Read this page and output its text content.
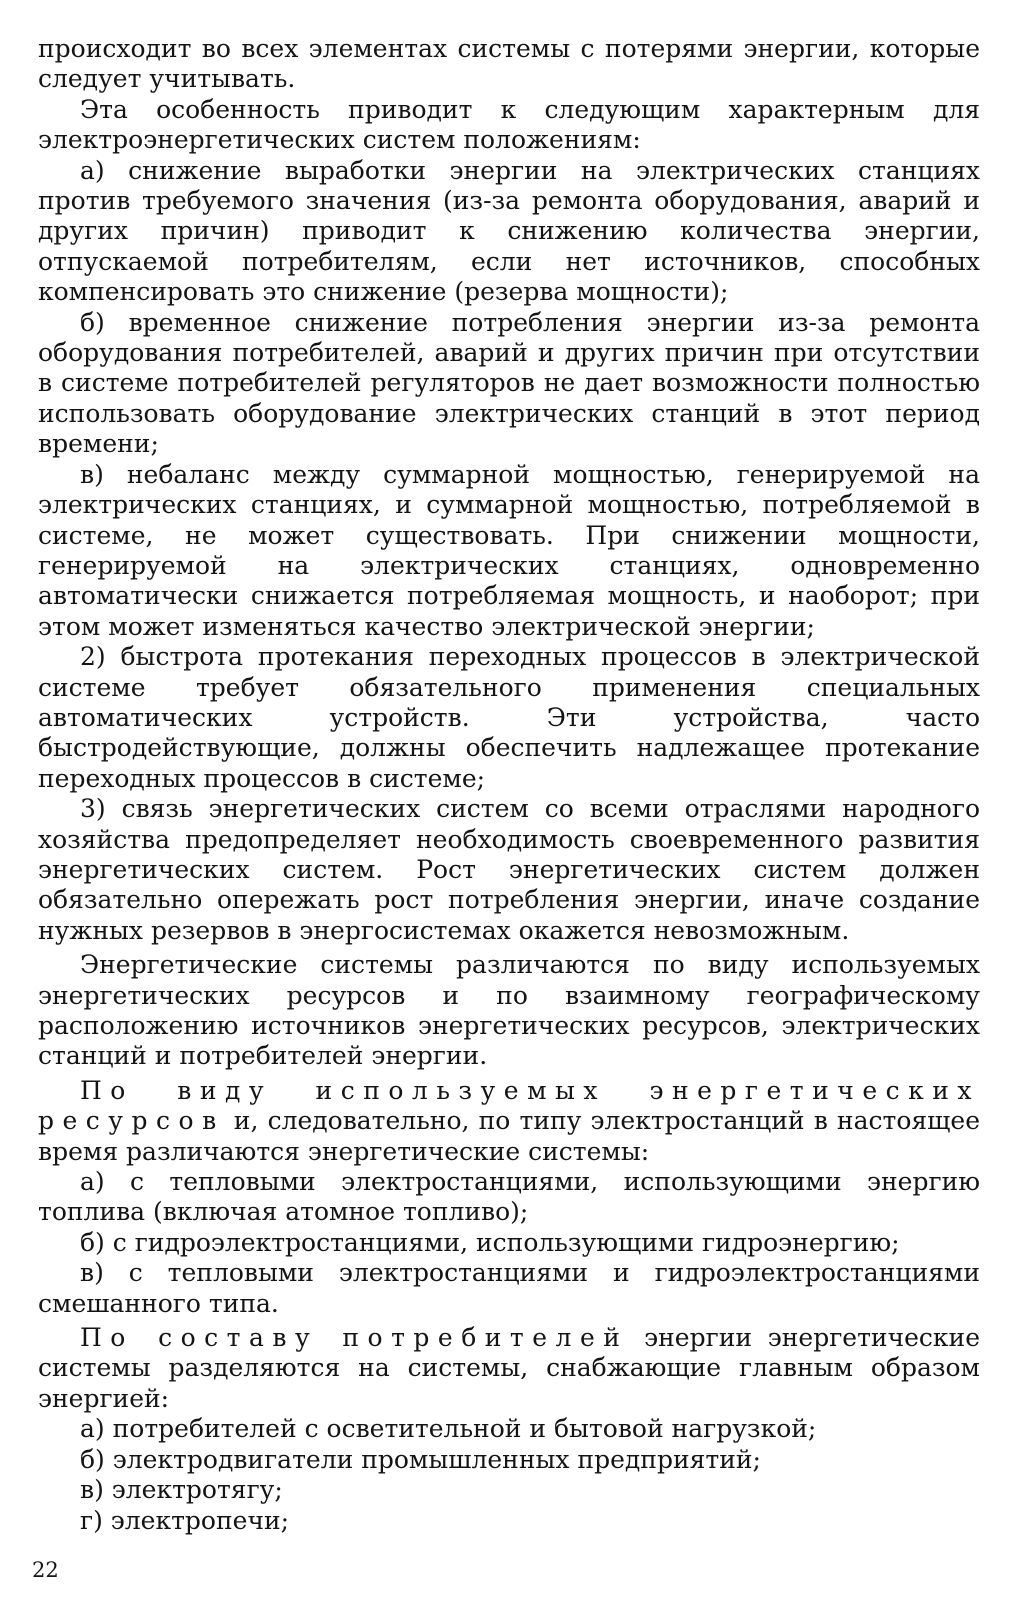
происходит во всех элементах системы с потерями энергии, которые следует учитывать.

Эта особенность приводит к следующим характерным для электроэнергетических систем положениям:

а) снижение выработки энергии на электрических станциях против требуемого значения (из-за ремонта оборудования, аварий и других причин) приводит к снижению количества энергии, отпускаемой потребителям, если нет источников, способных компенсировать это снижение (резерва мощности);

б) временное снижение потребления энергии из-за ремонта оборудования потребителей, аварий и других причин при отсутствии в системе потребителей регуляторов не дает возможности полностью использовать оборудование электрических станций в этот период времени;

в) небаланс между суммарной мощностью, генерируемой на электрических станциях, и суммарной мощностью, потребляемой в системе, не может существовать. При снижении мощности, генерируемой на электрических станциях, одновременно автоматически снижается потребляемая мощность, и наоборот; при этом может изменяться качество электрической энергии;

2) быстрота протекания переходных процессов в электрической системе требует обязательного применения специальных автоматических устройств. Эти устройства, часто быстродействующие, должны обеспечить надлежащее протекание переходных процессов в системе;

3) связь энергетических систем со всеми отраслями народного хозяйства предопределяет необходимость своевременного развития энергетических систем. Рост энергетических систем должен обязательно опережать рост потребления энергии, иначе создание нужных резервов в энергосистемах окажется невозможным.

Энергетические системы различаются по виду используемых энергетических ресурсов и по взаимному географическому расположению источников энергетических ресурсов, электрических станций и потребителей энергии.

По виду используемых энергетических ресурсов и, следовательно, по типу электростанций в настоящее время различаются энергетические системы:

а) с тепловыми электростанциями, использующими энергию топлива (включая атомное топливо);

б) с гидроэлектростанциями, использующими гидроэнергию;

в) с тепловыми электростанциями и гидроэлектростанциями смешанного типа.

По составу потребителей энергии энергетические системы разделяются на системы, снабжающие главным образом энергией:

а) потребителей с осветительной и бытовой нагрузкой;

б) электродвигатели промышленных предприятий;

в) электротягу;

г) электропечи;

22
